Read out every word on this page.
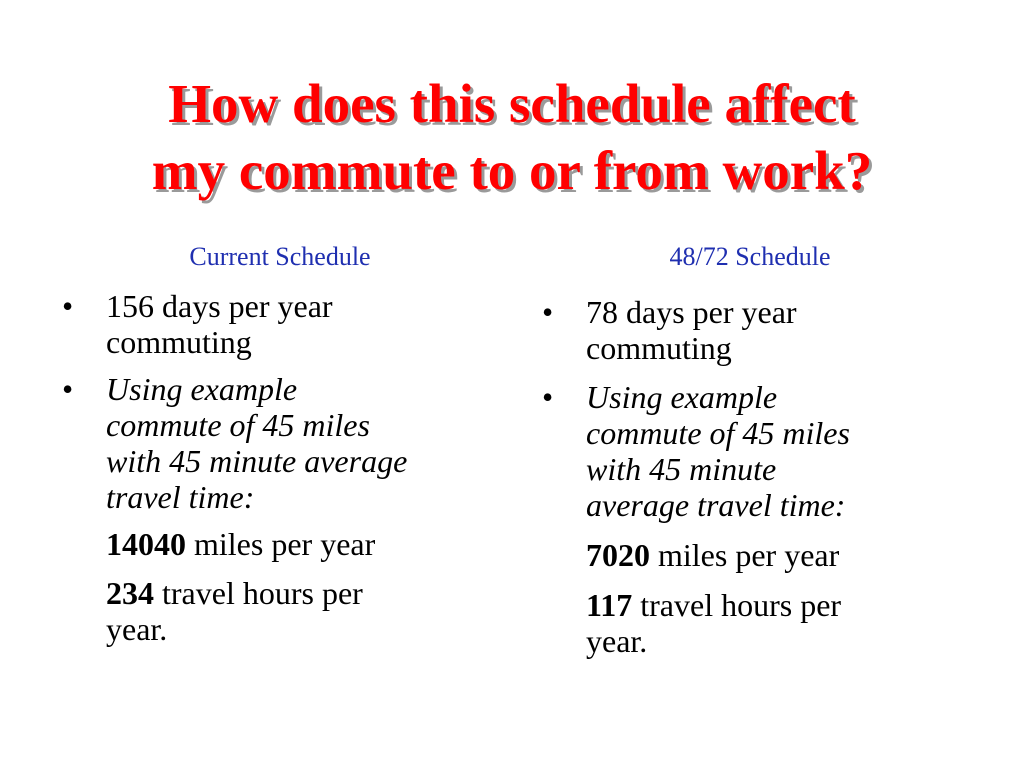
How does this schedule affect
my commute to or from work?
Current Schedule
•	156 days per year
commuting
•	Using example
commute of 45 miles
with 45 minute average
travel time:
14040 miles per year
234 travel hours per
year.
48/72 Schedule
•	78 days per year
commuting
•	Using example
commute of 45 miles
with 45 minute
average travel time:
7020 miles per year
117 travel hours per
year.
